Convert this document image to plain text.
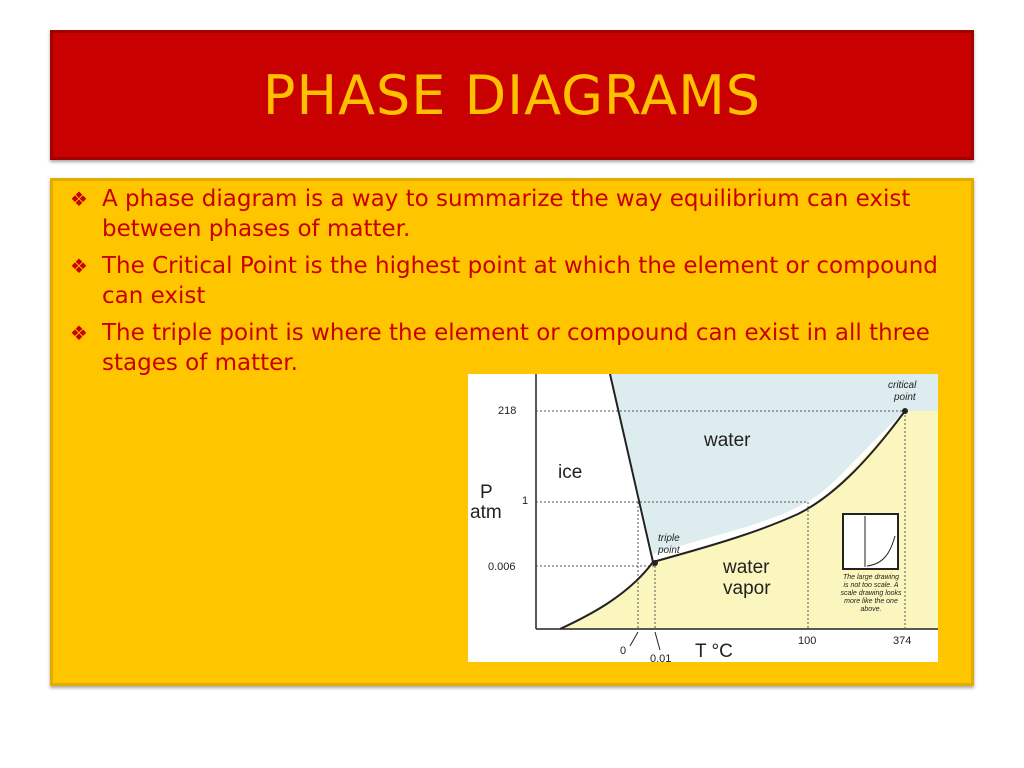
PHASE DIAGRAMS
❖ A phase diagram is a way to summarize the way equilibrium can exist between phases of matter.
❖ The Critical Point is the highest point at which the element or compound can exist
❖ The triple point is where the element or compound can exist in all three stages of matter.
218
1
0.006
0
0.01
100	374
P
atm
T °C
ice
water
water
vapor
triple
point
critical
point
The large drawing
is not too scale. A
scale drawing looks
more like the one
above.
